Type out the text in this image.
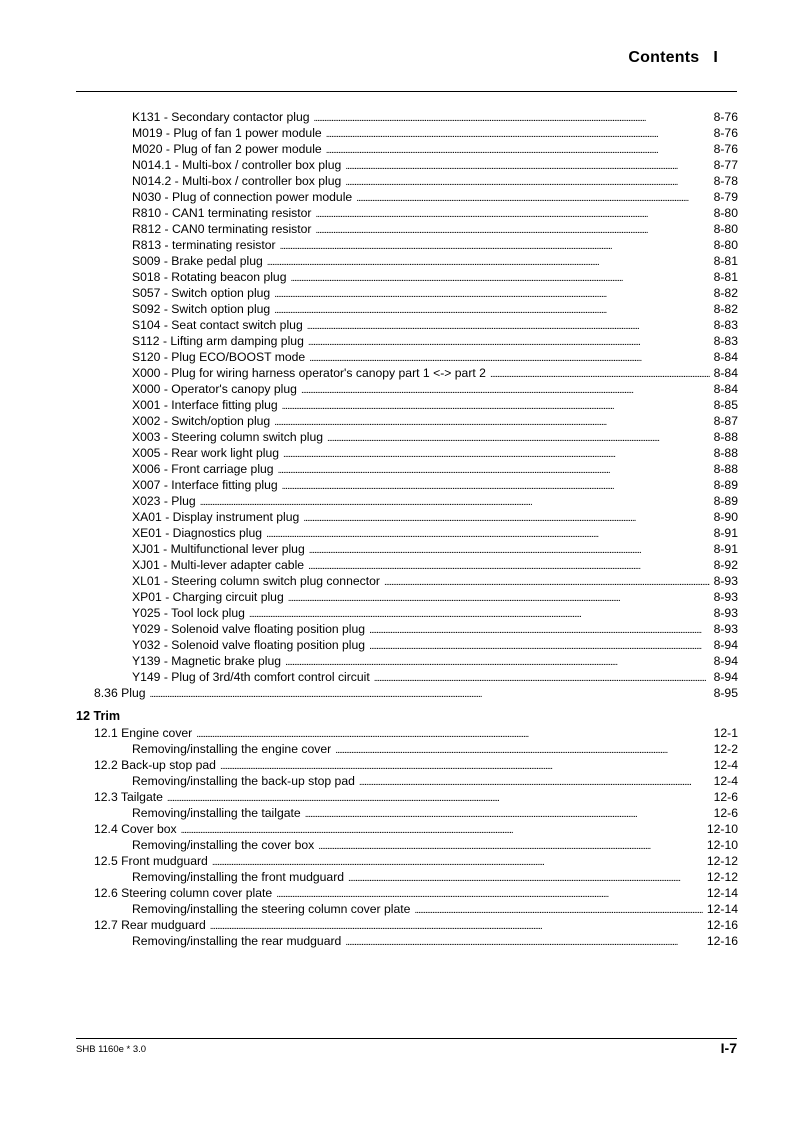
Contents I
K131 - Secondary contactor plug . . .	8-76
M019 - Plug of fan 1 power module . . .	8-76
M020 - Plug of fan 2 power module . . .	8-76
N014.1 - Multi-box / controller box plug . . .	8-77
N014.2 - Multi-box / controller box plug . . .	8-78
N030 - Plug of connection power module . . .	8-79
R810 - CAN1 terminating resistor . . .	8-80
R812 - CAN0 terminating resistor . . .	8-80
R813 - terminating resistor . . .	8-80
S009 - Brake pedal plug . . .	8-81
S018 - Rotating beacon plug . . .	8-81
S057 - Switch option plug . . .	8-82
S092 - Switch option plug . . .	8-82
S104 - Seat contact switch plug . . .	8-83
S112 - Lifting arm damping plug . . .	8-83
S120 - Plug ECO/BOOST mode . . .	8-84
X000 - Plug for wiring harness operator's canopy part 1 <-> part 2 . . .	8-84
X000 - Operator's canopy plug . . .	8-84
X001 - Interface fitting plug . . .	8-85
X002 - Switch/option plug . . .	8-87
X003 - Steering column switch plug . . .	8-88
X005 - Rear work light plug . . .	8-88
X006 - Front carriage plug . . .	8-88
X007 - Interface fitting plug . . .	8-89
X023 - Plug . . .	8-89
XA01 - Display instrument plug . . .	8-90
XE01 - Diagnostics plug . . .	8-91
XJ01 - Multifunctional lever plug . . .	8-91
XJ01 - Multi-lever adapter cable . . .	8-92
XL01 - Steering column switch plug connector . . .	8-93
XP01 - Charging circuit plug . . .	8-93
Y025 - Tool lock plug . . .	8-93
Y029 - Solenoid valve floating position plug . . .	8-93
Y032 - Solenoid valve floating position plug . . .	8-94
Y139 - Magnetic brake plug . . .	8-94
Y149 - Plug of 3rd/4th comfort control circuit . . .	8-94
8.36 Plug . . .	8-95
12 Trim
12.1 Engine cover . . .	12-1
Removing/installing the engine cover . . .	12-2
12.2 Back-up stop pad . . .	12-4
Removing/installing the back-up stop pad . . .	12-4
12.3 Tailgate . . .	12-6
Removing/installing the tailgate . . .	12-6
12.4 Cover box . . .	12-10
Removing/installing the cover box . . .	12-10
12.5 Front mudguard . . .	12-12
Removing/installing the front mudguard . . .	12-12
12.6 Steering column cover plate . . .	12-14
Removing/installing the steering column cover plate . . .	12-14
12.7 Rear mudguard . . .	12-16
Removing/installing the rear mudguard . . .	12-16
SHB 1160e * 3.0	I-7
